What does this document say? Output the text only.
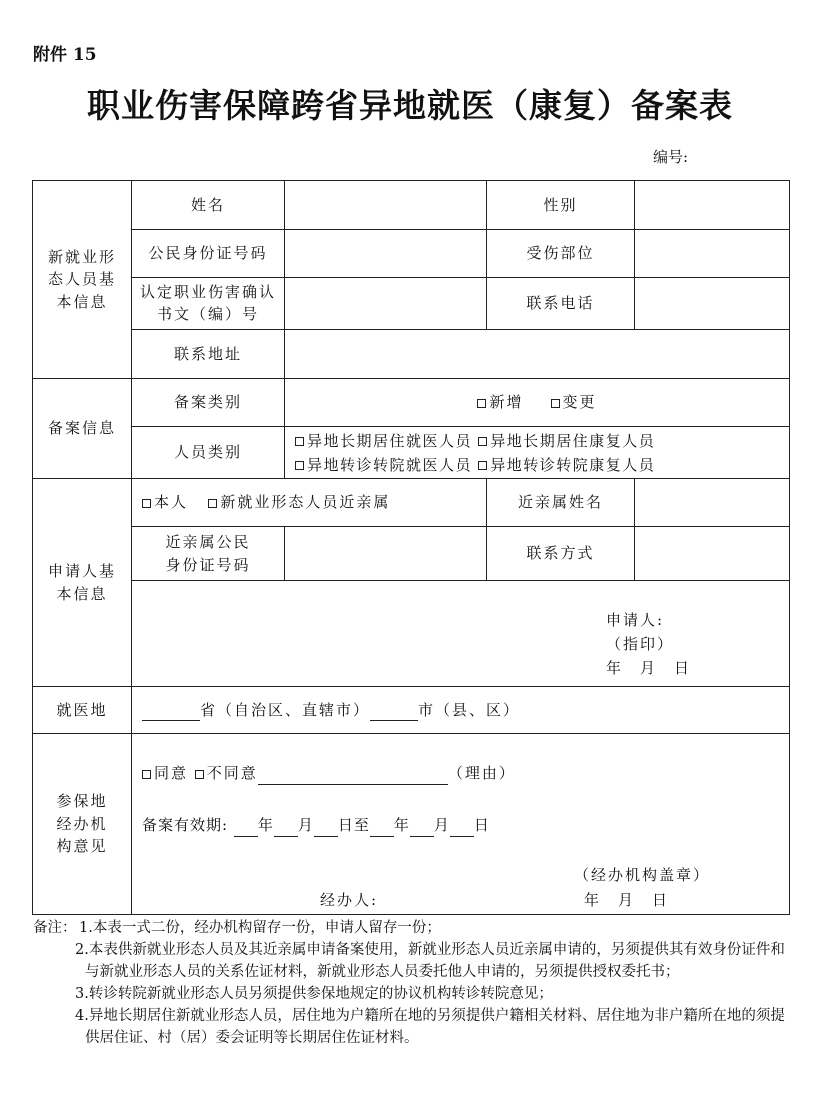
附件 15
职业伤害保障跨省异地就医（康复）备案表
编号:
新就业形态人员基本信息	姓名		性别	
	公民身份证号码		受伤部位	
	认定职业伤害确认书文（编）号		联系电话	
	联系地址			
备案信息	备案类别	新增 变更		
	人员类别	异地长期居住就医人员 异地长期居住康复人员
异地转诊转院就医人员 异地转诊转院康复人员		
申请人基本信息	本人 新就业形态人员近亲属		近亲属姓名	
	近亲属公民身份证号码		联系方式	

	申请人:
（指印）
年　月　日			

就医地	省（自治区、直辖市） 市（县、区）			
参保地经办机构意见	同意 不同意 （理由）
备案有效期: 年 月 日至 年 月 日
（经办机构盖章）
经办人: 年　月　日			
备注： 1.本表一式二份，经办机构留存一份，申请人留存一份；
2.本表供新就业形态人员及其近亲属申请备案使用，新就业形态人员近亲属申请的，另须提供其有效身份证件和与新就业形态人员的关系佐证材料，新就业形态人员委托他人申请的，另须提供授权委托书；
3.转诊转院新就业形态人员另须提供参保地规定的协议机构转诊转院意见；
4.异地长期居住新就业形态人员，居住地为户籍所在地的另须提供户籍相关材料、居住地为非户籍所在地的须提供居住证、村（居）委会证明等长期居住佐证材料。
